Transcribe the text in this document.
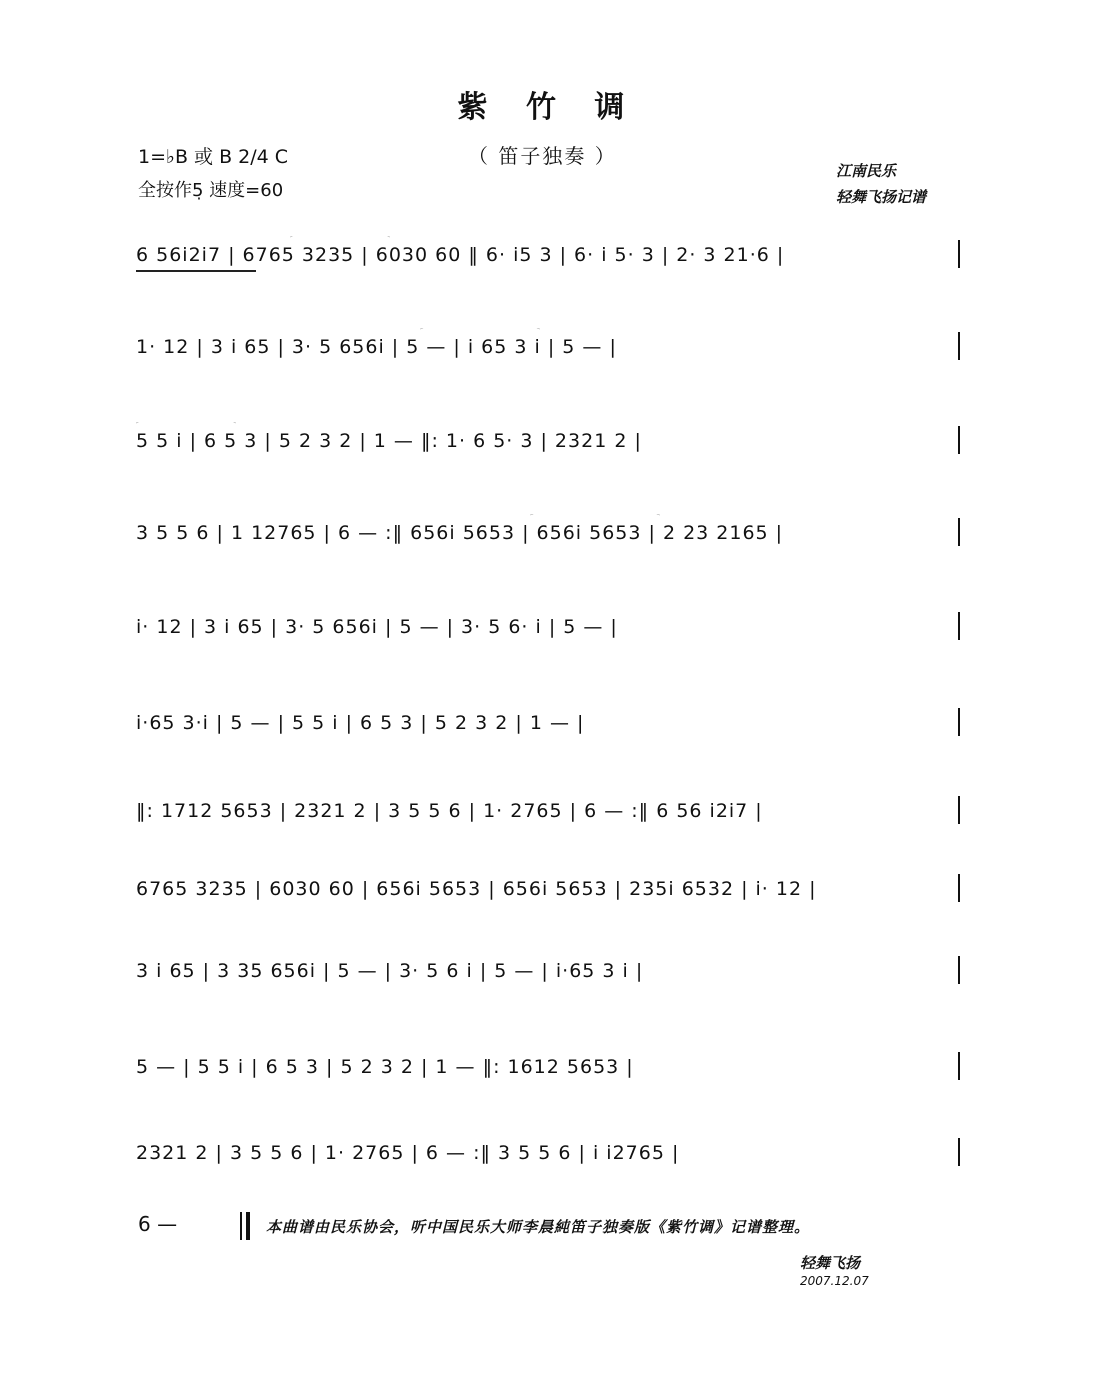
紫 竹 调
1=♭B 或 B 2/4 C	（ 笛子独奏 ）
全按作5̣ 速度=60
江南民乐
轻舞飞扬记谱
6 56i2i7 | 6765 3235 | 6030 60 ‖ 6· i5 3 | 6· i 5· 3 | 2· 3 21·6 |
1· 12 | 3 i 65 | 3· 5 656i | 5 — | i 65 3 i | 5 — |
5 5 i | 6 5 3 | 5 2 3 2 | 1 — ‖: 1· 6 5· 3 | 2321 2 |
3 5 5 6 | 1 12765 | 6 — :‖ 656i 5653 | 656i 5653 | 2 23 2165 |
i· 12 | 3 i 65 | 3· 5 656i | 5 — | 3· 5 6· i | 5 — |
i·65 3·i | 5 — | 5 5 i | 6 5 3 | 5 2 3 2 | 1 — |
‖: 1712 5653 | 2321 2 | 3 5 5 6 | 1· 2765 | 6 — :‖ 6 56 i2i7 |
6765 3235 | 6030 60 | 656i 5653 | 656i 5653 | 235i 6532 | i· 12 |
3 i 65 | 3 35 656i | 5 — | 3· 5 6 i | 5 — | i·65 3 i |
5 — | 5 5 i | 6 5 3 | 5 2 3 2 | 1 — ‖: 1612 5653 |
2321 2 | 3 5 5 6 | 1· 2765 | 6 — :‖ 3 5 5 6 | i i2765 |
6 —	本曲谱由民乐协会，听中国民乐大师李晨純笛子独奏版《紫竹调》记谱整理。
轻舞飞扬
2007.12.07
